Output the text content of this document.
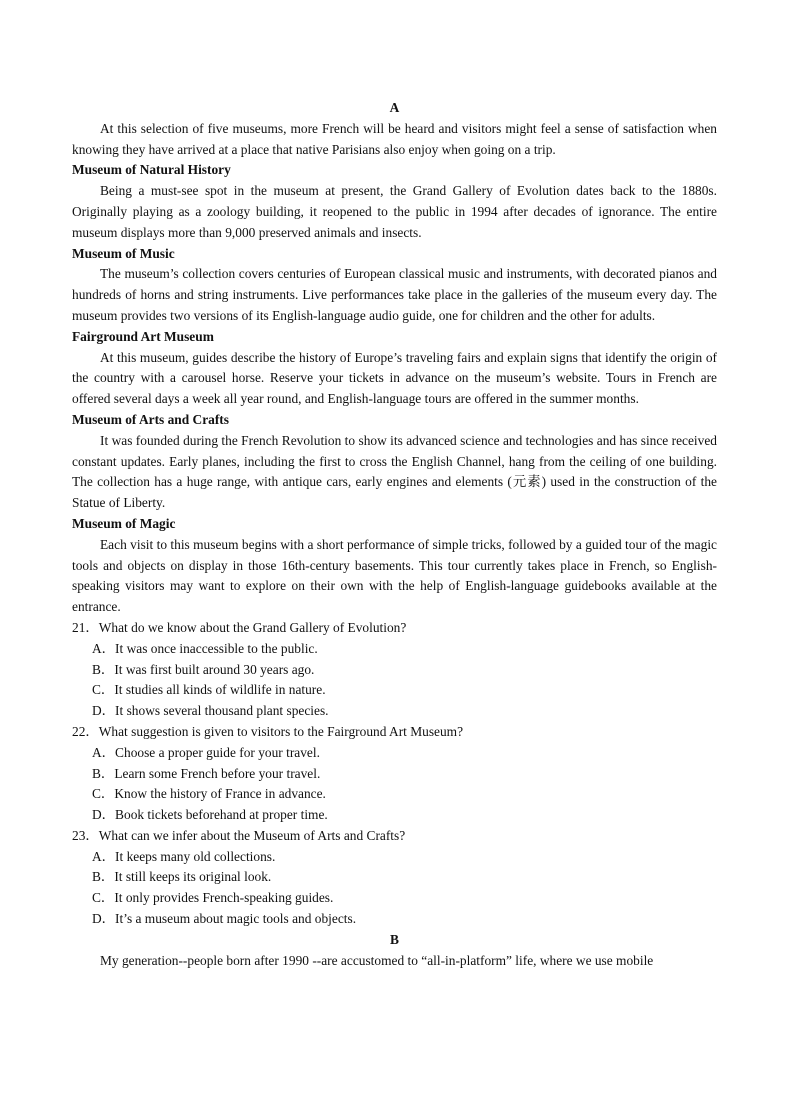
A
At this selection of five museums, more French will be heard and visitors might feel a sense of satisfaction when knowing they have arrived at a place that native Parisians also enjoy when going on a trip.
Museum of Natural History
Being a must-see spot in the museum at present, the Grand Gallery of Evolution dates back to the 1880s. Originally playing as a zoology building, it reopened to the public in 1994 after decades of ignorance. The entire museum displays more than 9,000 preserved animals and insects.
Museum of Music
The museum’s collection covers centuries of European classical music and instruments, with decorated pianos and hundreds of horns and string instruments. Live performances take place in the galleries of the museum every day. The museum provides two versions of its English-language audio guide, one for children and the other for adults.
Fairground Art Museum
At this museum, guides describe the history of Europe’s traveling fairs and explain signs that identify the origin of the country with a carousel horse. Reserve your tickets in advance on the museum’s website. Tours in French are offered several days a week all year round, and English-language tours are offered in the summer months.
Museum of Arts and Crafts
It was founded during the French Revolution to show its advanced science and technologies and has since received constant updates. Early planes, including the first to cross the English Channel, hang from the ceiling of one building. The collection has a huge range, with antique cars, early engines and elements (元素) used in the construction of the Statue of Liberty.
Museum of Magic
Each visit to this museum begins with a short performance of simple tricks, followed by a guided tour of the magic tools and objects on display in those 16th-century basements. This tour currently takes place in French, so English-speaking visitors may want to explore on their own with the help of English-language guidebooks available at the entrance.
21．What do we know about the Grand Gallery of Evolution?
A．It was once inaccessible to the public.
B．It was first built around 30 years ago.
C．It studies all kinds of wildlife in nature.
D．It shows several thousand plant species.
22．What suggestion is given to visitors to the Fairground Art Museum?
A．Choose a proper guide for your travel.
B．Learn some French before your travel.
C．Know the history of France in advance.
D．Book tickets beforehand at proper time.
23．What can we infer about the Museum of Arts and Crafts?
A．It keeps many old collections.
B．It still keeps its original look.
C．It only provides French-speaking guides.
D．It’s a museum about magic tools and objects.
B
My generation--people born after 1990 --are accustomed to “all-in-platform” life, where we use mobile
